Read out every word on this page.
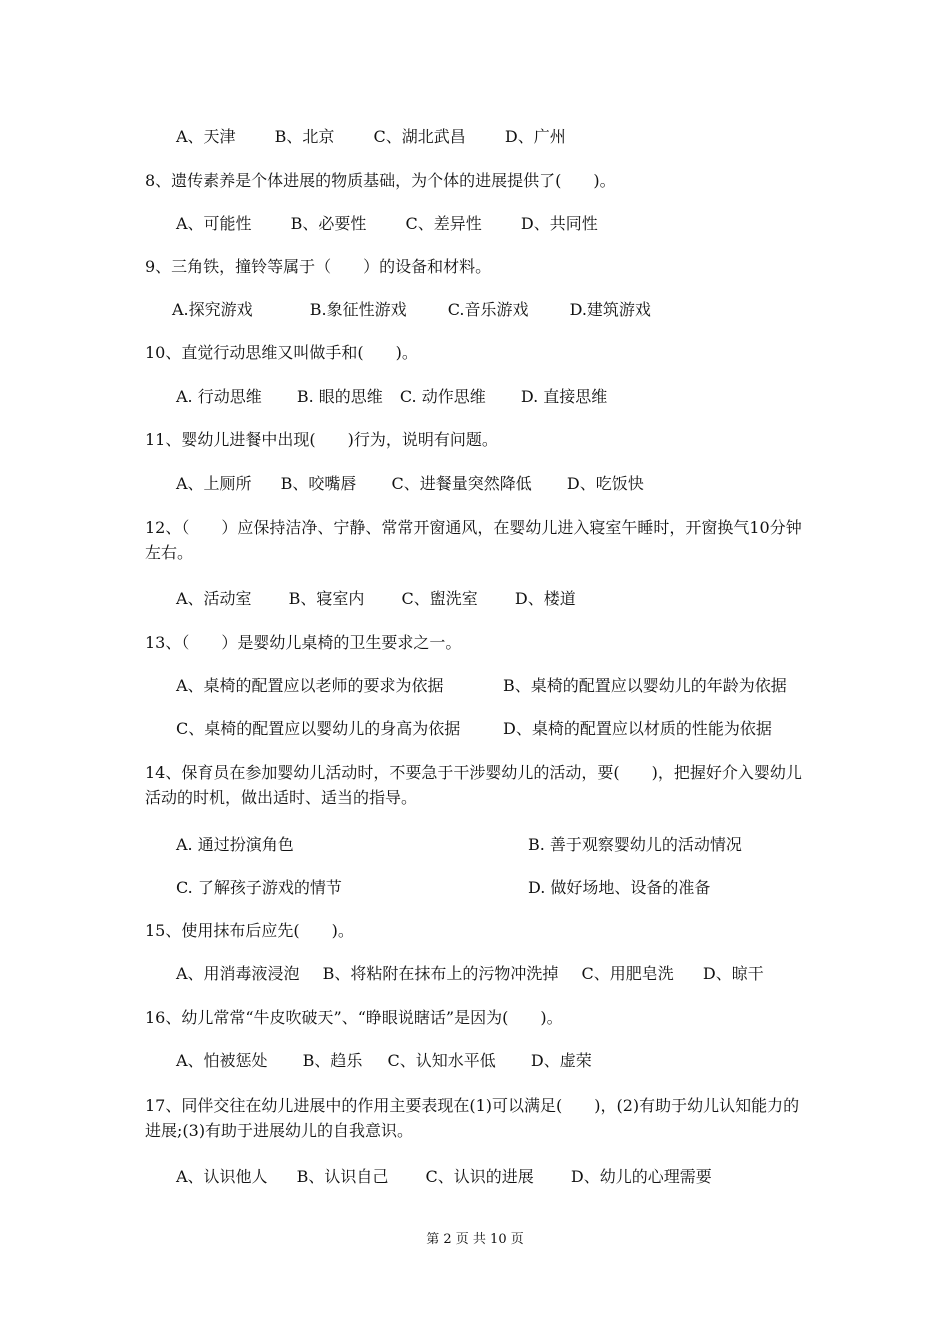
A、天津 B、北京 C、湖北武昌 D、广州
8、遗传素养是个体进展的物质基础，为个体的进展提供了(　　)。
A、可能性 B、必要性 C、差异性 D、共同性
9、三角铁，撞铃等属于（　　）的设备和材料。
A.探究游戏	B.象征性游戏	C.音乐游戏	D.建筑游戏
10、直觉行动思维又叫做手和(　　)。
A. 行动思维 B. 眼的思维 C. 动作思维 D. 直接思维
11、婴幼儿进餐中出现(　　)行为，说明有问题。
A、上厕所 B、咬嘴唇 C、进餐量突然降低 D、吃饭快
12、（　　）应保持洁净、宁静、常常开窗通风，在婴幼儿进入寝室午睡时，开窗换气10分钟左右。
A、活动室 B、寝室内 C、盥洗室 D、楼道
13、（　　）是婴幼儿桌椅的卫生要求之一。
A、桌椅的配置应以老师的要求为依据	B、桌椅的配置应以婴幼儿的年龄为依据
C、桌椅的配置应以婴幼儿的身高为依据	D、桌椅的配置应以材质的性能为依据
14、保育员在参加婴幼儿活动时，不要急于干涉婴幼儿的活动，要(　　)，把握好介入婴幼儿活动的时机，做出适时、适当的指导。
A. 通过扮演角色	B. 善于观察婴幼儿的活动情况
C. 了解孩子游戏的情节	D. 做好场地、设备的准备
15、使用抹布后应先(　　)。
A、用消毒液浸泡 B、将粘附在抹布上的污物冲洗掉 C、用肥皂洗 D、晾干
16、幼儿常常“牛皮吹破天”、“睁眼说瞎话”是因为(　　)。
A、怕被惩处 B、趋乐 C、认知水平低 D、虚荣
17、同伴交往在幼儿进展中的作用主要表现在(1)可以满足(　　)，(2)有助于幼儿认知能力的进展;(3)有助于进展幼儿的自我意识。
A、认识他人 B、认识自己 C、认识的进展 D、幼儿的心理需要
第 2 页 共 10 页
